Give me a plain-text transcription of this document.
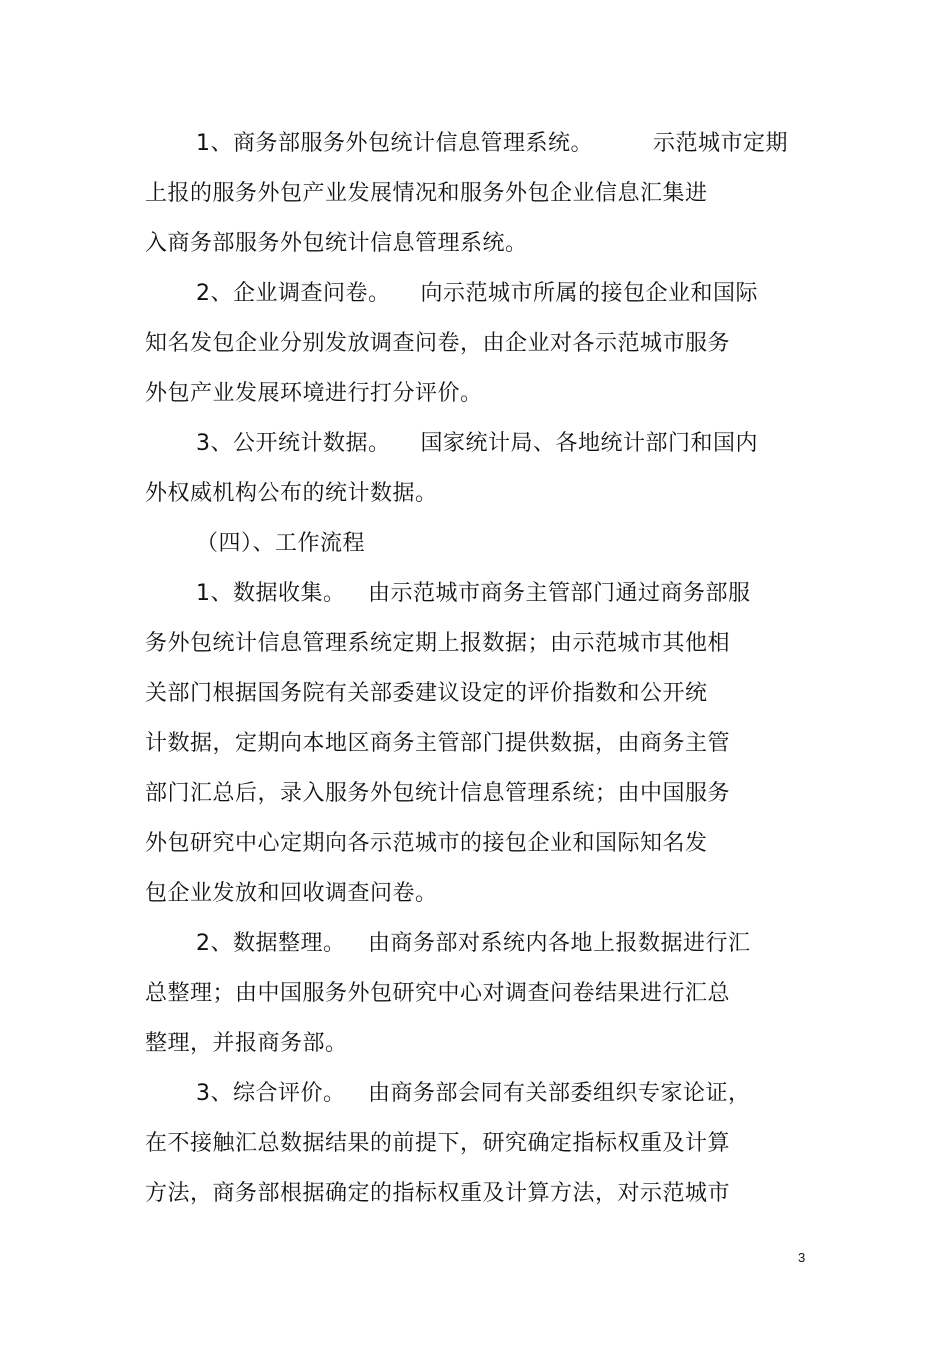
1、商务部服务外包统计信息管理系统。        示范城市定期
上报的服务外包产业发展情况和服务外包企业信息汇集进
入商务部服务外包统计信息管理系统。
2、企业调查问卷。    向示范城市所属的接包企业和国际
知名发包企业分别发放调查问卷，由企业对各示范城市服务
外包产业发展环境进行打分评价。
3、公开统计数据。    国家统计局、各地统计部门和国内
外权威机构公布的统计数据。
（四）、工作流程
1、数据收集。   由示范城市商务主管部门通过商务部服
务外包统计信息管理系统定期上报数据；由示范城市其他相
关部门根据国务院有关部委建议设定的评价指数和公开统
计数据，定期向本地区商务主管部门提供数据，由商务主管
部门汇总后，录入服务外包统计信息管理系统；由中国服务
外包研究中心定期向各示范城市的接包企业和国际知名发
包企业发放和回收调查问卷。
2、数据整理。   由商务部对系统内各地上报数据进行汇
总整理；由中国服务外包研究中心对调查问卷结果进行汇总
整理，并报商务部。
3、综合评价。   由商务部会同有关部委组织专家论证，
在不接触汇总数据结果的前提下，研究确定指标权重及计算
方法，商务部根据确定的指标权重及计算方法，对示范城市
3
